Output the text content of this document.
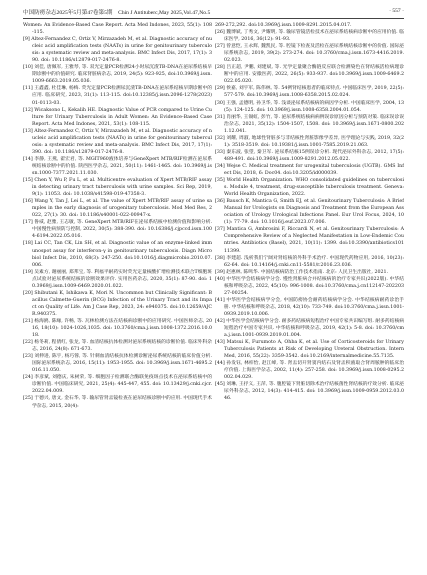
中国防痨杂志2025年5月第47卷第5期　Chin J Antituberc,May 2025,Vol.47,No.5	· 557 ·

Women: An Evidence-Based Case Report. Acta Med Indones, 2023, 55(1): 108-115.

[9] Altez-Fernandez C, Ortiz V, Mirzazadeh M, et al. Diagnostic accuracy of nucleic acid amplification tests (NAATs) in urine for genitourinary tuberculosis: a systematic review and meta-analysis. BMC Infect Dis, 2017, 17(1): 390. doi: 10.1186/s12879-017-2476-8.

[10] 刘佳, 唐佩军, 王雅琴, 等. 双光定量PCR检测24小时尿沉渣TB-DNA在泌尿系结核早期诊断中的价值研究. 临床肾脏病杂志, 2019, 24(5): 923-925, doi:10.3969/j.issn.1009-6663.2019.05.036.

[11] 王鑫鑫, 杜佳琳, 杨梅. 荧光定量PCR检测尿沉渣TB-DNA在泌尿系结核早期诊断中的应用. 临床研究, 2023, 31(1): 113-115. doi:10.12385/j.issn.2096-1278(2023)01-0113-03.

[12] Wicaksono L, Kekalih HE. Diagnostic Value of PCR compared to Urine Culture for Urinary Tuberculosis in Adult Women: An Evidence-Based Case Report. Acta Med Indones, 2021, 53(1): 108-115.

[13] Altez-Fernandez C, Ortiz V, Mirzazadeh M, et al. Diagnostic accuracy of nucleic acid amplification tests (NAATs) in urine for genitourinary tuberculosis: a systematic review and meta-analysis. BMC Infect Dis, 2017, 17(1): 390. doi: 10.1186/s12879-017-2476-8.

[14] 李静, 王燕, 翟宏君, 等. MGIT960液体培养与GeneXpert MTB/RIF检测在泌尿系统结核诊断中的价值. 陕西医学杂志, 2021, 50(11): 1461-1465. doi: 10.3969/j.issn.1000-7377.2021.11.030.

[15] Chen Y, Wu P, Fu L, et al. Multicentre evaluation of Xpert MTB/RIF assay in detecting urinary tract tuberculosis with urine samples. Sci Rep, 2019, 9(1): 11053. doi: 10.1038/s41598-019-47358-3.

[16] Wang Y, Tan J, Lei L, et al. The value of Xpert MTB/RIF assay of urine samples in the early diagnosis of urogenitary tuberculosis. Mod Med Res, 2022, 27(1): 30. doi: 10.1186/s40001-022-00947-x.

[17] 鲁威, 赵雅, 王志敏, 等. GeneXpert MTB/RIF在泌尿系结核中检测价值和影响分析. 中国慢性病预防与控制, 2022, 30(5): 388-390. doi: 10.16386/j.cjpccd.issn.1004-6194.2022.05.016.

[18] Lai CC, Tan CK, Lin SH, et al. Diagnostic value of an enzyme-linked immunospot assay for interferon-γ in genitourinary tuberculosis. Diagn Microbiol Infect Dis, 2010, 68(3): 247-250. doi:10.1016/j.diagmicrobio.2010.07.006.

[19] 吴素方, 谢丽丽, 郑邦宝, 等. 利福平耐药实时荧光定量核酸扩增检测技术联合T细胞斑点试验对泌尿系统结核的诊断效果评价. 实用医药杂志, 2020, 35(1): 87-90. doi: 10.3969/j.issn.1009-6469.2020.01.022.

[20] Shibutani K, Ishikawa K, Mori N. Uncommon but Clinically Significant: Bacillus Calmette-Guerin (BCG) Infection of the Urinary Tract and its Impact on Quality of Life. Am J Case Rep, 2023, 24: e940375. doi:10.12659/AJCR.940375.

[21] 杨海鸥, 陈缘, 许畅, 等. 瓦林检测方法在结核病诊断中的应用研究. 中国医师杂志, 2016, 18(10): 1024-1026,1035. doi: 10.3760/cma.j.issn.1008-1372.2016.10.018.

[22] 杨冬莉, 程倩红, 张龙, 等. 血清结核抗体检测对泌尿系统结核的诊断价值. 临床外科杂志, 2016, 24(8): 671-673.

[23] 刘伸进, 陈宇, 杨巧蓉, 等. 针刺血清结核抗体检测诊断泌尿系统结核的临床价值分析. 国际泌尿系统杂志, 2016, 15(11): 1953-1955. doi: 10.3969/j.issn.1671-4695.2016.11.050.

[24] 李彦斌, 刘德庆, 朱树荣, 等. 细胞因子检测联合酶联免疫斑点技术在泌尿系结核中的诊断价值. 中国临床研究, 2021, 25(4): 445-447, 455. doi: 10.13429/j.cnki.cjcr.2022.04.009.

[25] 于德兴, 唐文, 金石华, 等. 输尿管肾盂镜检查在泌尿结核诊断中的应用. 中国现代手术学杂志, 2015, 20(4):

269-272,292. doi:10.3969/j.issn.1009-8291.2015.04.017.

[26] 魏博斌, 丁秀文, 尹耀明, 等. 输尿管镜活检技术在泌尿系结核病诊断中的应用价值. 临床医学, 2016, 36(12): 91-93.

[27] 曾意恺, 王永辉, 魏凯民, 等. 腔镜下检查及活检在泌尿系统结核诊断中的价值. 国际泌尿系统杂志, 2019, 39(2): 273-274. doi: 10.3760/cma.j.issn.1673-4416.2019.02.023.

[28] 吕正超, 尹鹏, 刘建斌, 等. 光学定量聚合酶链反应联合检测染色在肾结核活检病理诊断中的应用. 安徽医药, 2022, 26(5): 933-937. doi:10.3969/j.issn.1009-6469.2022.05.020.

[29] 侯嘉, 刘宇军, 陈伟林, 等. 54例肾结核患者的临床特点. 中国临床医学, 2019, 22(5): 577-579. doi:10.3969/j.issn.1008-6358.2015.02.024.

[30] 王强, 孟德明, 孙卫华, 等. 浅谈泌尿系结核病的病因学分析. 中国临床医学, 2004, 13(5): 124-125. doi: 10.3969/j.issn.1008-6358.2004.01.054.

[31] 肖丽华, 王锡虹, 彭竹, 等. 泌尿系统结核病病例误诊原因分析与预防对策. 临床误诊误治杂志, 2021, 35(12): 1504-1507, 1508. doi: 10.3969/j.issn.1671-0800.2021.12.041.

[32] 刘耀, 周淑, 地球性肾脏多与非结核性肾脏影像学差异, 医学理论与实践, 2019, 32(21): 3518-3519. doi: 10.19381/j.issn.1001-7585.2019.21.063.

[33] 秦东波, 张望, 秦卫军. 泌尿系结核15例误诊分析. 现代泌尿外科杂志, 2012, 17(5): 489-491. doi:10.3969/j.issn.1009-8291.2012.05.022.

[34] Wejse C. Medical treatment for urogenital tuberculosis (UGTB). GMS Infect Dis, 2018, 6: Doc04. doi:10.3205/id000039.

[35] World Health Organization. WHO consolidated guidelines on tuberculosis. Module 4, treatment, drug-susceptible tuberculosis treatment. Geneva: World Health Organization, 2022.

[36] Bausch K, Mantica G, Smith EJ, et al. Genitourinary Tuberculosis: A Brief Manual for Urologists on Diagnosis and Treatment from the European Association of Urology Urological Infections Panel. Eur Urol Focus, 2024, 10(1): 77-79. doi: 10.1016/j.euf.2023.07.006.

[37] Mantica G, Ambrosini F, Riccardi N, et al. Genitourinary Tuberculosis: A Comprehensive Review of a Neglected Manifestation in Low-Endemic Countries. Antibiotics (Basel), 2021, 10(11): 1399. doi:10.3390/antibiotics10111399.

[38] 李建超. 浅析我们宁阔对肾结核的外科手术治疗. 中国现代药物应用, 2016, 10(23): 62-64. doi: 10.14164/j.cnki.cn11-5581/r.2016.23.036.

[39] 赵惠林, 陈鸣华. 中国结核病防治工作技术指南. 北京: 人民卫生出版社, 2021.

[40] 中华医学会结核病学分会. 慢性肾脏病合并结核病的治疗专家共识(2022版). 中华结核和呼吸杂志, 2022, 45(10): 996-1008. doi:10.3760/cma.j.cn112147-20220327-00254.

[41] 中华医学会结核病学分会, 中国防痨协会耐药结核病学分会. 中华结核病耐药诊治手册. 中华结核和呼吸杂志, 2018, 42(10): 733-749. doi:10.3760/cma.j.issn.1001-0939.2019.10.006.

[42] 中华医学会结核病学分会. 耐多药结核病短程治疗中国专家共识编写组. 耐多药结核病短程治疗中国专家共识. 中华结核和呼吸杂志, 2019, 42(1): 5-8. doi: 10.3760/cma.j.issn.1001-0939.2019.01.004.

[43] Matsui K, Furumoto A, Ohba K, et al. Use of Corticosteroids for Urinary Tuberculosis Patients at Risk of Developing Ureteral Obstruction. Intern Med, 2016, 55(22): 3359-3542. doi:10.2169/internalmedicine.55.7135.

[44] 孙发钰, 林梓怡, 赵江峰, 等. 肾盂切开肾窦内结石及肾盂积液取合肾周脓肿的临床治疗价值. 上海医学杂志, 2002, 11(4): 257-258. doi: 10.3969/j.issn.1008-0295.2002.04.029.

[45] 刘琳, 王抒义, 王萍, 等. 腹腔镜下肾脏切除术治疗结核菌性肾结核的疗效分析. 临床泌尿外科杂志, 2012, 14(3): 414-415. doi: 10.3969/j.issn.1009-0959.2012.03.046.
